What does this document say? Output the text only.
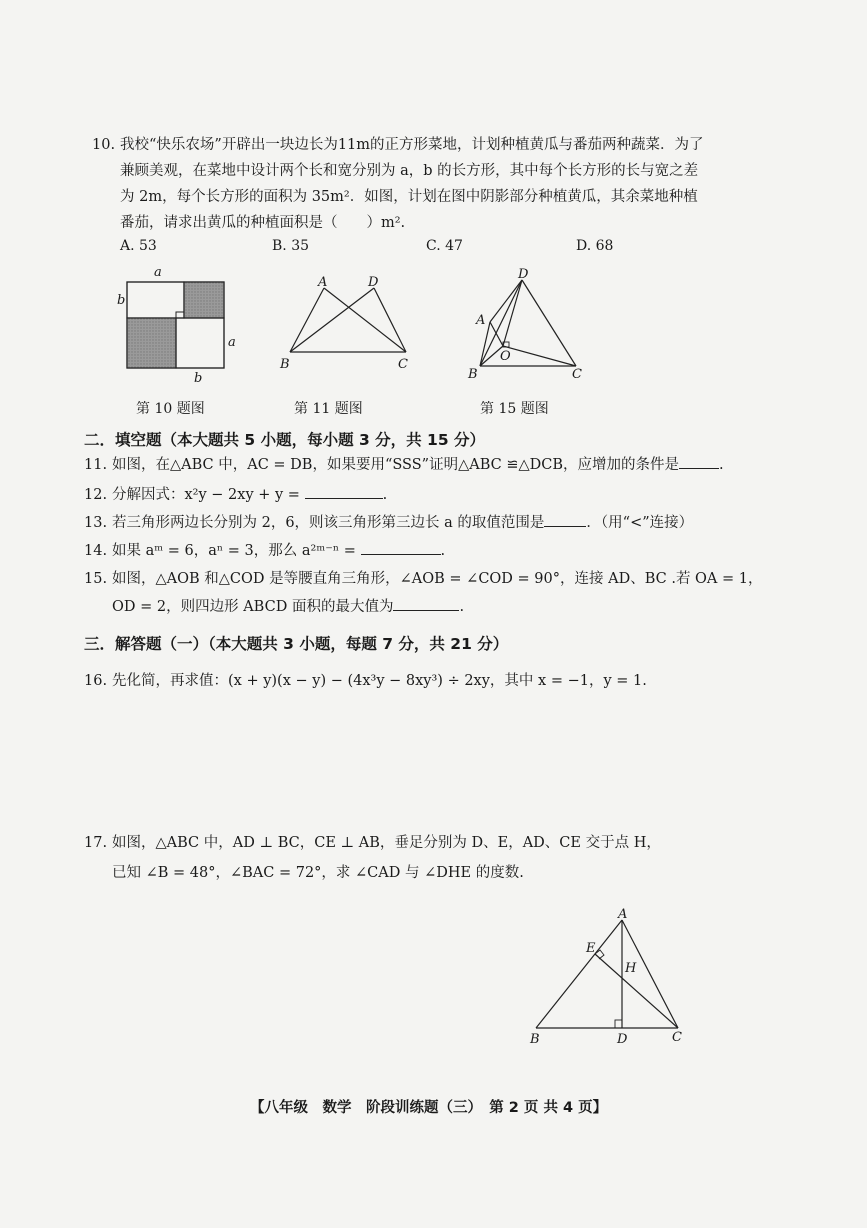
10. 我校“快乐农场”开辟出一块边长为11m的正方形菜地，计划种植黄瓜与番茄两种蔬菜．为了
兼顾美观，在菜地中设计两个长和宽分别为 a，b 的长方形，其中每个长方形的长与宽之差
为 2m，每个长方形的面积为 35m²．如图，计划在图中阴影部分种植黄瓜，其余菜地种植
番茄，请求出黄瓜的种植面积是（　　）m².
A. 53	B. 35	C. 47	D. 68
a
b
a
b
第 10 题图
A	D
B	C
第 11 题图
D
A
O
B	C
第 15 题图
二．填空题（本大题共 5 小题，每小题 3 分，共 15 分）
11. 如图，在△ABC 中，AC = DB，如果要用“SSS”证明△ABC ≌△DCB，应增加的条件是	.
12. 分解因式：x²y − 2xy + y =	.
13. 若三角形两边长分别为 2，6，则该三角形第三边长 a 的取值范围是	．（用“<”连接）
14. 如果 aᵐ = 6，aⁿ = 3，那么 a²ᵐ⁻ⁿ =	.
15. 如图，△AOB 和△COD 是等腰直角三角形，∠AOB = ∠COD = 90°，连接 AD、BC .若 OA = 1，
OD = 2，则四边形 ABCD 面积的最大值为	.
三．解答题（一）（本大题共 3 小题，每题 7 分，共 21 分）
16. 先化简，再求值：(x + y)(x − y) − (4x³y − 8xy³) ÷ 2xy，其中 x = −1，y = 1.
17. 如图，△ABC 中，AD ⊥ BC，CE ⊥ AB，垂足分别为 D、E，AD、CE 交于点 H，
已知 ∠B = 48°，∠BAC = 72°，求 ∠CAD 与 ∠DHE 的度数.
A
E
H
B	D	C
【八年级　数学　阶段训练题（三）　第 2 页 共 4 页】
